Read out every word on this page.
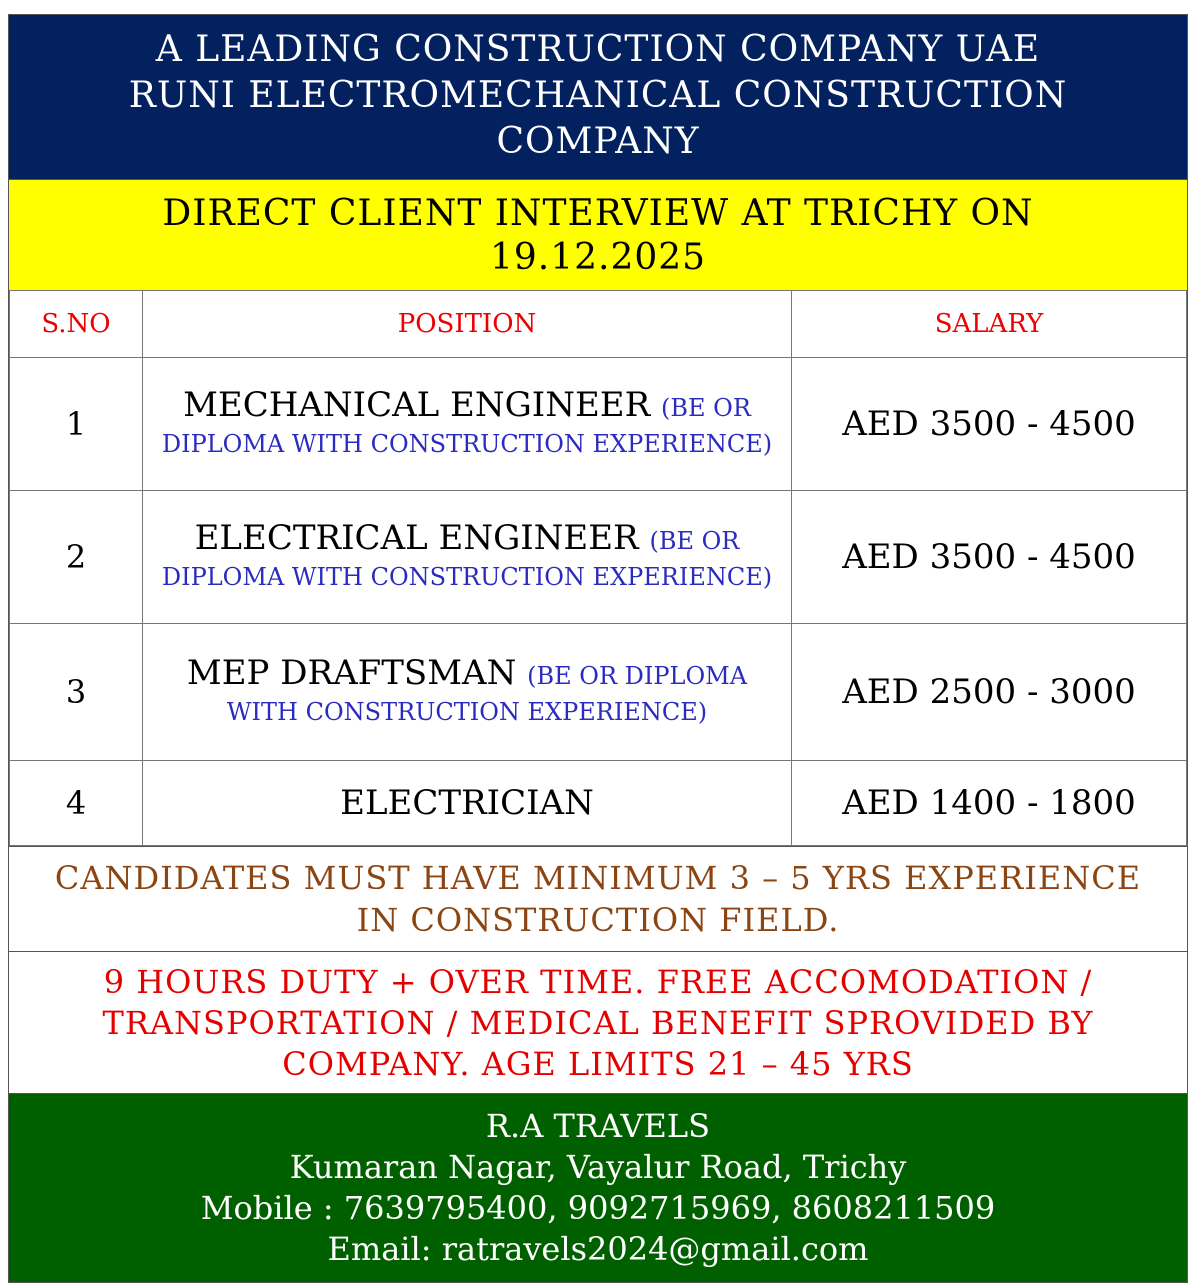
A LEADING CONSTRUCTION COMPANY UAE
RUNI ELECTROMECHANICAL CONSTRUCTION
COMPANY
DIRECT CLIENT INTERVIEW AT TRICHY ON
19.12.2025
S.NO	POSITION	SALARY
1	MECHANICAL ENGINEER (BE OR DIPLOMA WITH CONSTRUCTION EXPERIENCE)	AED 3500 - 4500
2	ELECTRICAL ENGINEER (BE OR DIPLOMA WITH CONSTRUCTION EXPERIENCE)	AED 3500 - 4500
3	MEP DRAFTSMAN (BE OR DIPLOMA WITH CONSTRUCTION EXPERIENCE)	AED 2500 - 3000
4	ELECTRICIAN	AED 1400 - 1800
CANDIDATES MUST HAVE MINIMUM 3 – 5 YRS EXPERIENCE IN CONSTRUCTION FIELD.
9 HOURS DUTY + OVER TIME. FREE ACCOMODATION / TRANSPORTATION / MEDICAL BENEFIT SPROVIDED BY COMPANY. AGE LIMITS 21 – 45 YRS
R.A TRAVELS
Kumaran Nagar, Vayalur Road, Trichy
Mobile : 7639795400, 9092715969, 8608211509
Email: ratravels2024@gmail.com
